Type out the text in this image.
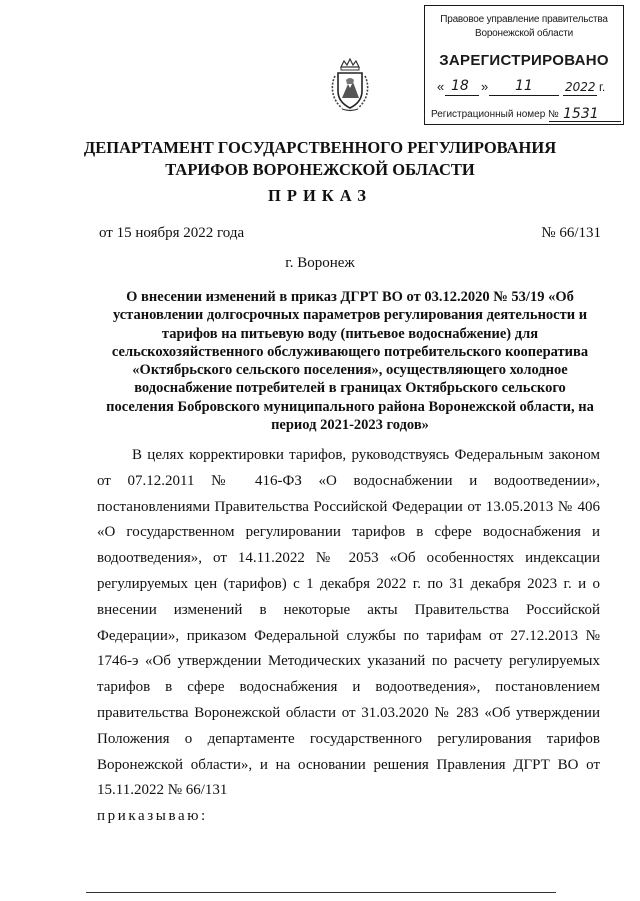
Правовое управление правительства
Воронежской области
ЗАРЕГИСТРИРОВАНО
« 18 » 11	2022 г.
Регистрационный номер № 1531
ДЕПАРТАМЕНТ ГОСУДАРСТВЕННОГО РЕГУЛИРОВАНИЯ
ТАРИФОВ ВОРОНЕЖСКОЙ ОБЛАСТИ
ПРИКАЗ
от 15 ноября 2022 года	№ 66/131
г. Воронеж
О внесении изменений в приказ ДГРТ ВО от 03.12.2020 № 53/19 «Об установлении долгосрочных параметров регулирования деятельности и тарифов на питьевую воду (питьевое водоснабжение) для сельскохозяйственного обслуживающего потребительского кооператива «Октябрьского сельского поселения», осуществляющего холодное водоснабжение потребителей в границах Октябрьского сельского поселения Бобровского муниципального района Воронежской области, на период 2021-2023 годов»

В целях корректировки тарифов, руководствуясь Федеральным законом от 07.12.2011 № 416-ФЗ «О водоснабжении и водоотведении», постановлениями Правительства Российской Федерации от 13.05.2013 № 406 «О государственном регулировании тарифов в сфере водоснабжения и водоотведения», от 14.11.2022 № 2053 «Об особенностях индексации регулируемых цен (тарифов) с 1 декабря 2022 г. по 31 декабря 2023 г. и о внесении изменений в некоторые акты Правительства Российской Федерации», приказом Федеральной службы по тарифам от 27.12.2013 № 1746-э «Об утверждении Методических указаний по расчету регулируемых тарифов в сфере водоснабжения и водоотведения», постановлением правительства Воронежской области от 31.03.2020 № 283 «Об утверждении Положения о департаменте государственного регулирования тарифов Воронежской области», и на основании решения Правления ДГРТ ВО от 15.11.2022 № 66/131

приказываю:
